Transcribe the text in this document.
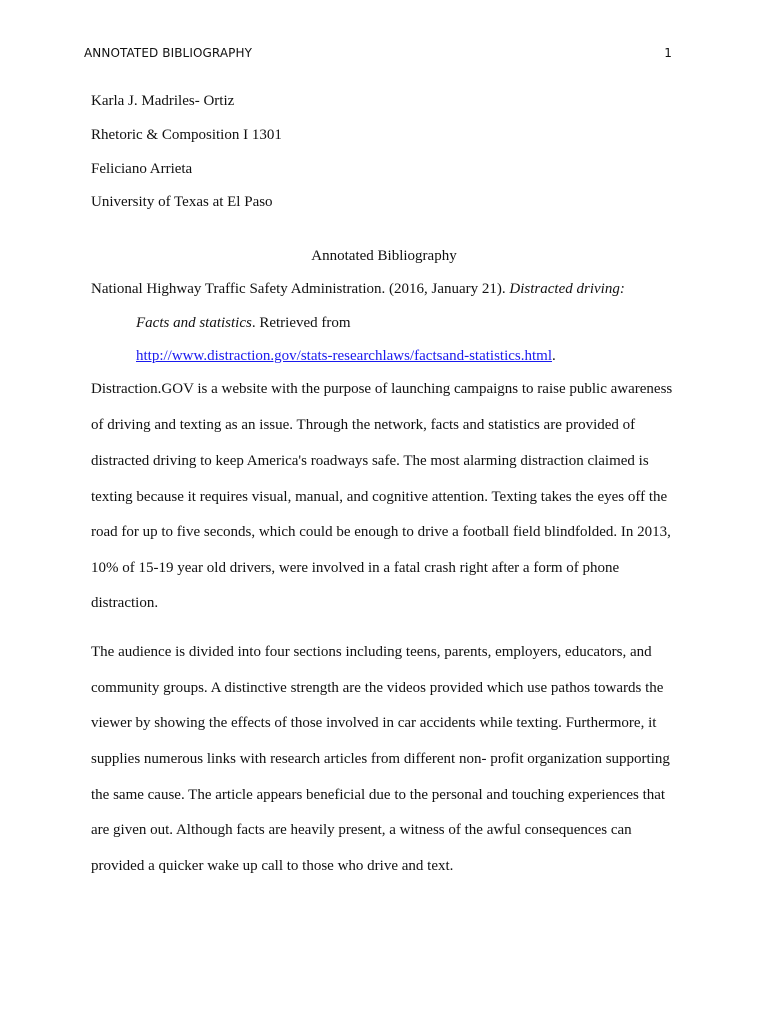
ANNOTATED BIBLIOGRAPHY	1
Karla J. Madriles- Ortiz
Rhetoric & Composition I 1301
Feliciano Arrieta
University of Texas at El Paso
Annotated Bibliography
National Highway Traffic Safety Administration. (2016, January 21). Distracted driving:
Facts and statistics. Retrieved from
http://www.distraction.gov/stats-researchlaws/factsand-statistics.html.
Distraction.GOV is a website with the purpose of launching campaigns to raise public awareness
of driving and texting as an issue. Through the network, facts and statistics are provided of
distracted driving to keep America's roadways safe. The most alarming distraction claimed is
texting because it requires visual, manual, and cognitive attention. Texting takes the eyes off the
road for up to five seconds, which could be enough to drive a football field blindfolded. In 2013,
10% of 15-19 year old drivers, were involved in a fatal crash right after a form of phone
distraction.
The audience is divided into four sections including teens, parents, employers, educators, and
community groups. A distinctive strength are the videos provided which use pathos towards the
viewer by showing the effects of those involved in car accidents while texting. Furthermore, it
supplies numerous links with research articles from different non- profit organization supporting
the same cause. The article appears beneficial due to the personal and touching experiences that
are given out. Although facts are heavily present, a witness of the awful consequences can
provided a quicker wake up call to those who drive and text.
